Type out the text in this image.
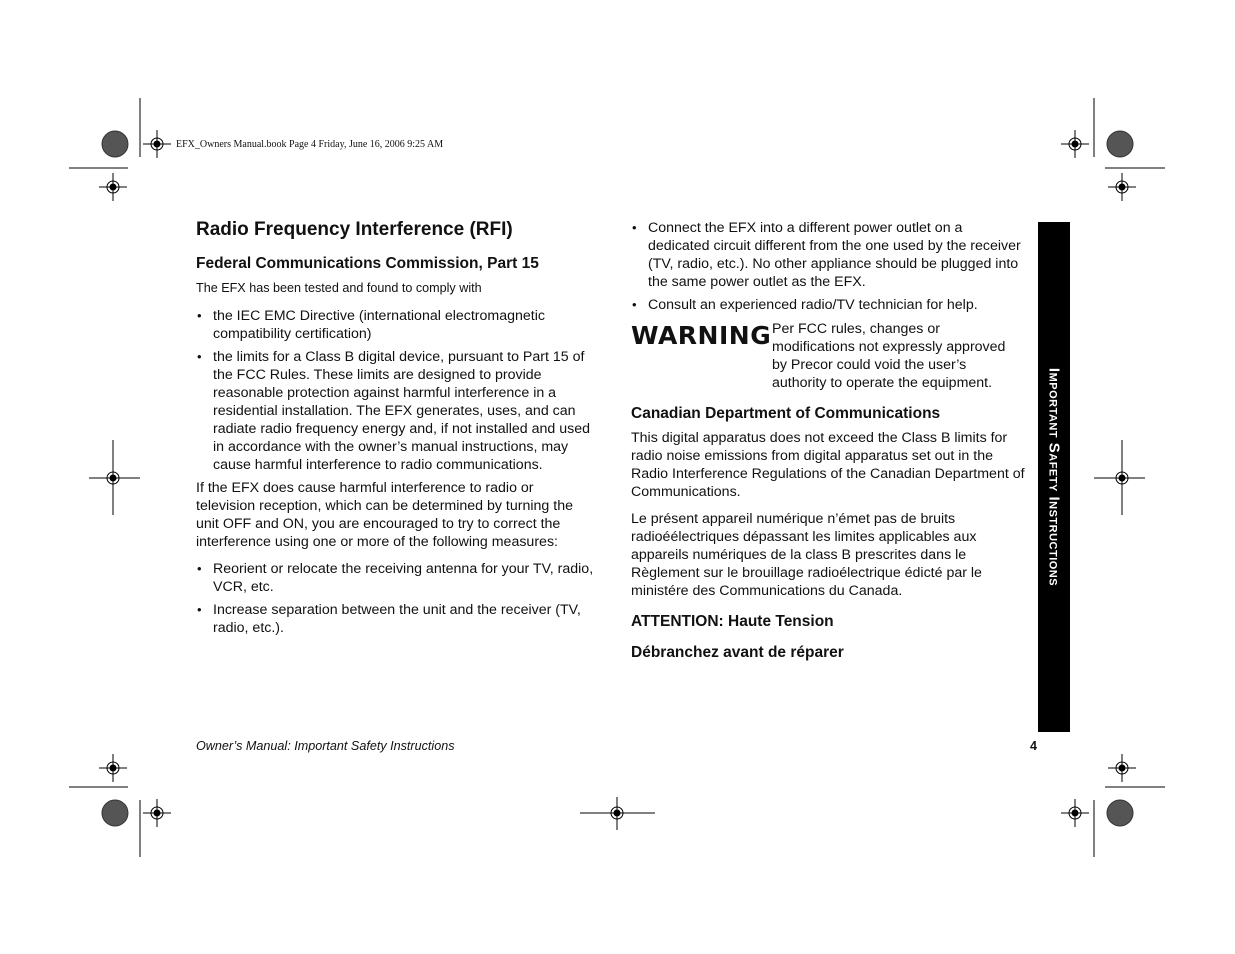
EFX_Owners Manual.book Page 4 Friday, June 16, 2006 9:25 AM
Radio Frequency Interference (RFI)
Federal Communications Commission, Part 15

The EFX has been tested and found to comply with

• the IEC EMC Directive (international electromagnetic compatibility certification)
• the limits for a Class B digital device, pursuant to Part 15 of the FCC Rules. These limits are designed to provide reasonable protection against harmful interference in a residential installation. The EFX generates, uses, and can radiate radio frequency energy and, if not installed and used in accordance with the owner’s manual instructions, may cause harmful interference to radio communications.

If the EFX does cause harmful interference to radio or television reception, which can be determined by turning the unit OFF and ON, you are encouraged to try to correct the interference using one or more of the following measures:

• Reorient or relocate the receiving antenna for your TV, radio, VCR, etc.
• Increase separation between the unit and the receiver (TV, radio, etc.).
• Connect the EFX into a different power outlet on a dedicated circuit different from the one used by the receiver (TV, radio, etc.). No other appliance should be plugged into the same power outlet as the EFX.
• Consult an experienced radio/TV technician for help.
WARNING Per FCC rules, changes or modifications not expressly approved by Precor could void the user’s authority to operate the equipment.
Canadian Department of Communications

This digital apparatus does not exceed the Class B limits for radio noise emissions from digital apparatus set out in the Radio Interference Regulations of the Canadian Department of Communications.

Le présent appareil numérique n’émet pas de bruits radioéélectriques dépassant les limites applicables aux appareils numériques de la class B prescrites dans le Règlement sur le brouillage radioélectrique édicté par le ministére des Communications du Canada.

ATTENTION: Haute Tension
Débranchez avant de réparer
Important Safety Instructions
Owner’s Manual: Important Safety Instructions	4
